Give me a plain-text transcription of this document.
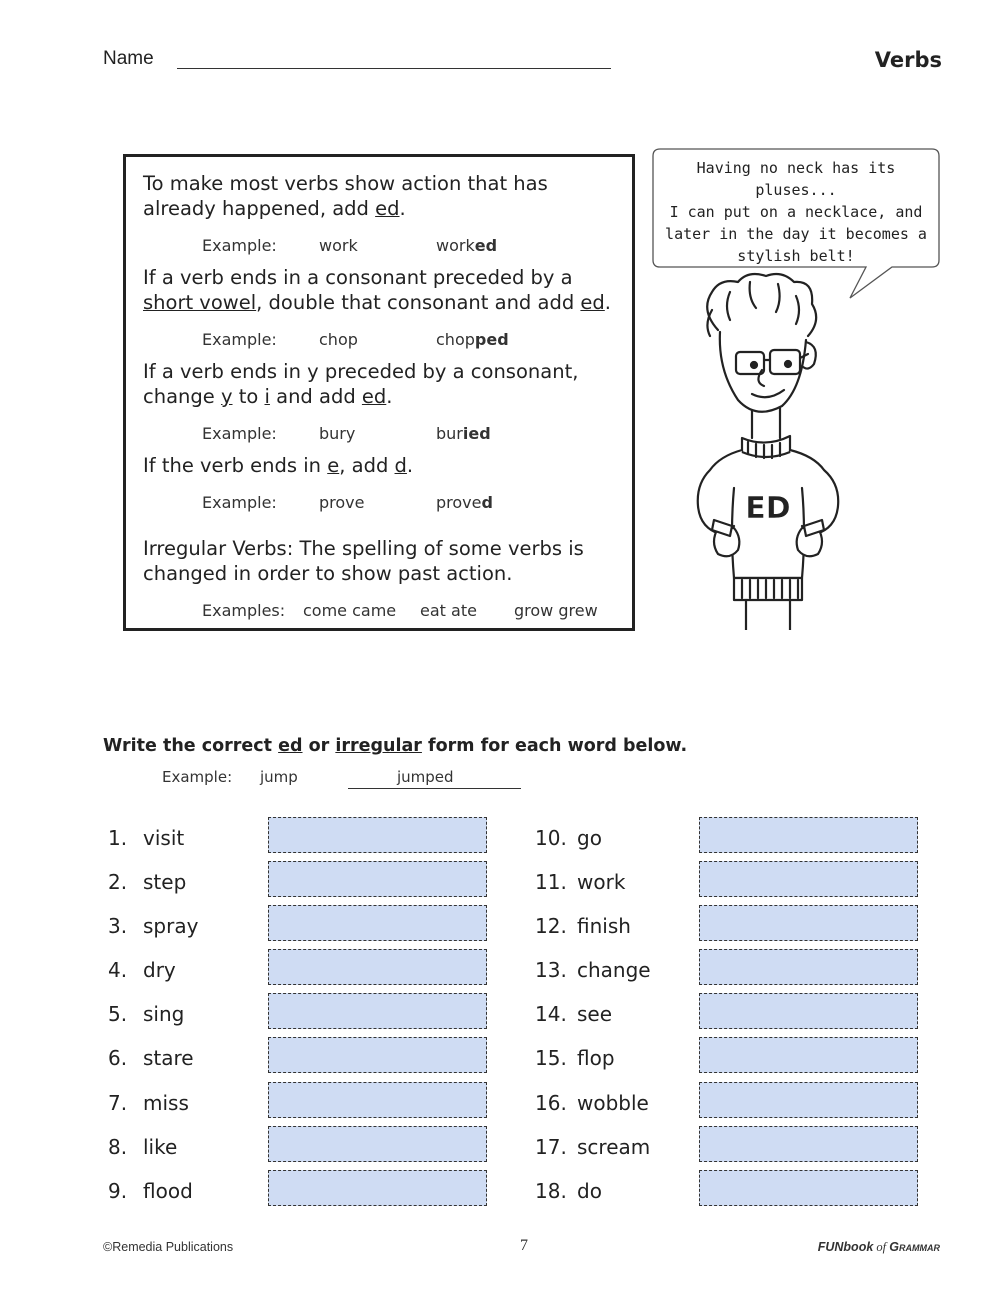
Name	Verbs
To make most verbs show action that has
already happened, add ed.
Example:	work	worked
If a verb ends in a consonant preceded by a
short vowel, double that consonant and add ed.
Example:	chop	chopped
If a verb ends in y preceded by a consonant,
change y to i and add ed.
Example:	bury	buried
If the verb ends in e, add d.
Example:	prove	proved
Irregular Verbs: The spelling of some verbs is
changed in order to show past action.
Examples: come came eat ate grow grew
Having no neck has its pluses...
I can put on a necklace, and
later in the day it becomes a
stylish belt!
ED
Write the correct ed or irregular form for each word below.
Example: jump	jumped
1. visit
2. step
3. spray
4. dry
5. sing
6. stare
7. miss
8. like
9. flood
10. go
11. work
12. finish
13. change
14. see
15. flop
16. wobble
17. scream
18. do
©Remedia Publications	7	FUNbook of Grammar
